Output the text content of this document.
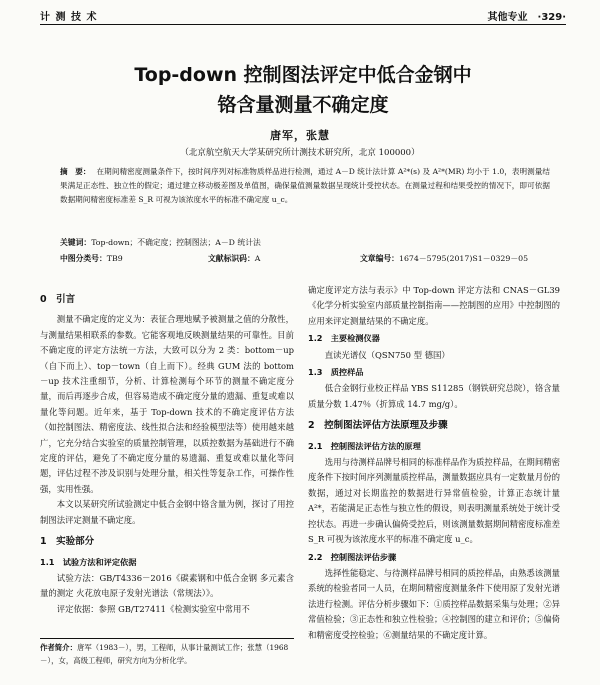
计 测 技 术	其他专业 ·329·
Top-down 控制图法评定中低合金钢中
铬含量测量不确定度
唐军，张慧
（北京航空航天大学某研究所计测技术研究所，北京 100000）
摘　要： 在期间精密度测量条件下，按时间序列对标准物质样品进行检测，通过 A－D 统计法计算 A²*(s) 及 A²*(MR) 均小于 1.0，表明测量结果满足正态性、独立性的假定；通过建立移动极差图及单值图，确保量值测量数据呈现统计受控状态。在测量过程和结果受控的情况下，即可依据数据期间精密度标准差 S_R 可视为该浓度水平的标准不确定度 u_c。
关键词：Top-down；不确定度；控制图法；A－D 统计法
中图分类号：TB9	文献标识码：A	文章编号：1674－5795(2017)S1－0329－05
0　引言

测量不确定度的定义为：表征合理地赋予被测量之值的分散性，与测量结果相联系的参数。它能客观地反映测量结果的可靠性。目前不确定度的评定方法统一方法，大致可以分为 2 类：bottom－up（自下而上）、top－town（自上而下）。经典 GUM 法的 bottom－up 技术注重细节，分析、计算检测每个环节的测量不确定度分量，而后再逐步合成，但容易造成不确定度分量的遗漏、重复或难以量化等问题。近年来，基于 Top-down 技术的不确定度评估方法（如控制图法、精密度法、线性拟合法和经验模型法等）使用越来越广，它充分结合实验室的质量控制管理，以质控数据为基础进行不确定度的评估，避免了不确定度分量的易遗漏、重复或难以量化等问题，评估过程不涉及识别与处理分量，相关性等复杂工作，可操作性强，实用性强。

本文以某研究所试验测定中低合金钢中铬含量为例，探讨了用控制图法评定测量不确定度。

1　实验部分
1.1　试验方法和评定依据

试验方法：GB/T4336－2016《碳素钢和中低合金钢 多元素含量的测定 火花放电原子发射光谱法（常规法）》。

评定依据：参照 GB/T27411《检测实验室中常用不

作者简介：唐军（1983－），男，工程师，从事计量测试工作；张慧（1968－），女，高级工程师，研究方向为分析化学。

确定度评定方法与表示》中 Top-down 评定方法和 CNAS－GL39《化学分析实验室内部质量控制指南——控制图的应用》中控制图的应用来评定测量结果的不确定度。

1.2　主要检测仪器

直读光谱仪（QSN750 型 德国）

1.3　质控样品

低合金钢行业校正样品 YBS S11285（钢铁研究总院），铬含量质量分数 1.47％（折算成 14.7 mg/g）。

2　控制图法评估方法原理及步骤
2.1　控制图法评估方法的原理

选用与待测样品牌号相同的标准样品作为质控样品，在期间精密度条件下按时间序列测量质控样品，测量数据应具有一定数量月份的数据，通过对长期监控的数据进行异常值检验，计算正态统计量 A²*，若能满足正态性与独立性的假设，则表明测量系统处于统计受控状态。再进一步确认偏倚受控后，则该测量数据期间精密度标准差 S_R 可视为该浓度水平的标准不确定度 u_c。

2.2　控制图法评估步骤

选择性能稳定、与待测样品牌号相同的质控样品，由熟悉该测量系统的检验者同一人员，在期间精密度测量条件下使用原了发射光谱法进行检测。评估分析步骤如下：①质控样品数据采集与处理；②异常值检验；③正态性和独立性检验；④控制图的建立和评价；⑤偏倚和精密度受控检验；⑥测量结果的不确定度计算。
